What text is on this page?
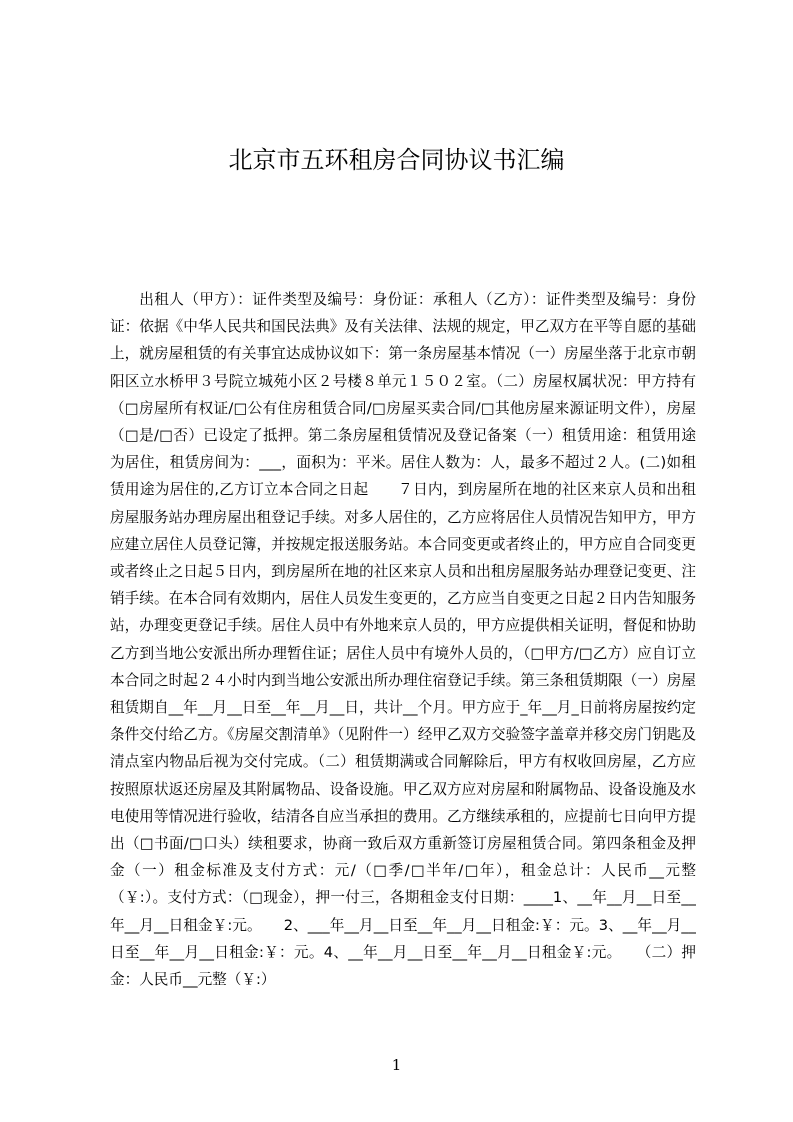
北京市五环租房合同协议书汇编

出租人（甲方）：证件类型及编号：身份证：承租人（乙方）：证件类型及编号：身份证：依据《中华人民共和国民法典》及有关法律、法规的规定，甲乙双方在平等自愿的基础上，就房屋租赁的有关事宜达成协议如下：第一条房屋基本情况（一）房屋坐落于北京市朝阳区立水桥甲３号院立城苑小区２号楼８单元１５０２室。（二）房屋权属状况：甲方持有（□房屋所有权证/□公有住房租赁合同/□房屋买卖合同/□其他房屋来源证明文件），房屋（□是/□否）已设定了抵押。第二条房屋租赁情况及登记备案（一）租赁用途：租赁用途为居住，租赁房间为：___，面积为：平米。居住人数为：人，最多不超过２人。(二)如租赁用途为居住的,乙方订立本合同之日起　　７日内，到房屋所在地的社区来京人员和出租房屋服务站办理房屋出租登记手续。对多人居住的，乙方应将居住人员情况告知甲方，甲方应建立居住人员登记簿，并按规定报送服务站。本合同变更或者终止的，甲方应自合同变更或者终止之日起５日内，到房屋所在地的社区来京人员和出租房屋服务站办理登记变更、注销手续。在本合同有效期内，居住人员发生变更的，乙方应当自变更之日起２日内告知服务站，办理变更登记手续。居住人员中有外地来京人员的，甲方应提供相关证明，督促和协助乙方到当地公安派出所办理暂住证；居住人员中有境外人员的，（□甲方/□乙方）应自订立本合同之时起２４小时内到当地公安派出所办理住宿登记手续。第三条租赁期限（一）房屋租赁期自__年__月__日至__年__月__日，共计__个月。甲方应于_年__月_日前将房屋按约定条件交付给乙方。《房屋交割清单》（见附件一）经甲乙双方交验签字盖章并移交房门钥匙及清点室内物品后视为交付完成。（二）租赁期满或合同解除后，甲方有权收回房屋，乙方应按照原状返还房屋及其附属物品、设备设施。甲乙双方应对房屋和附属物品、设备设施及水电使用等情况进行验收，结清各自应当承担的费用。乙方继续承租的，应提前七日向甲方提出（□书面/□口头）续租要求，协商一致后双方重新签订房屋租赁合同。第四条租金及押金（一）租金标准及支付方式：元/（□季/□半年/□年），租金总计：人民币__元整（￥:）。支付方式：（□现金），押一付三，各期租金支付日期：____1、__年__月__日至__年__月__日租金￥:元。　　2、___年__月__日至__年__月__日租金:￥：元。3、__年__月__日至__年__月__日租金:￥：元。4、__年__月__日至__年__月__日租金￥:元。　　（二）押金：人民币__元整（￥:）

1
